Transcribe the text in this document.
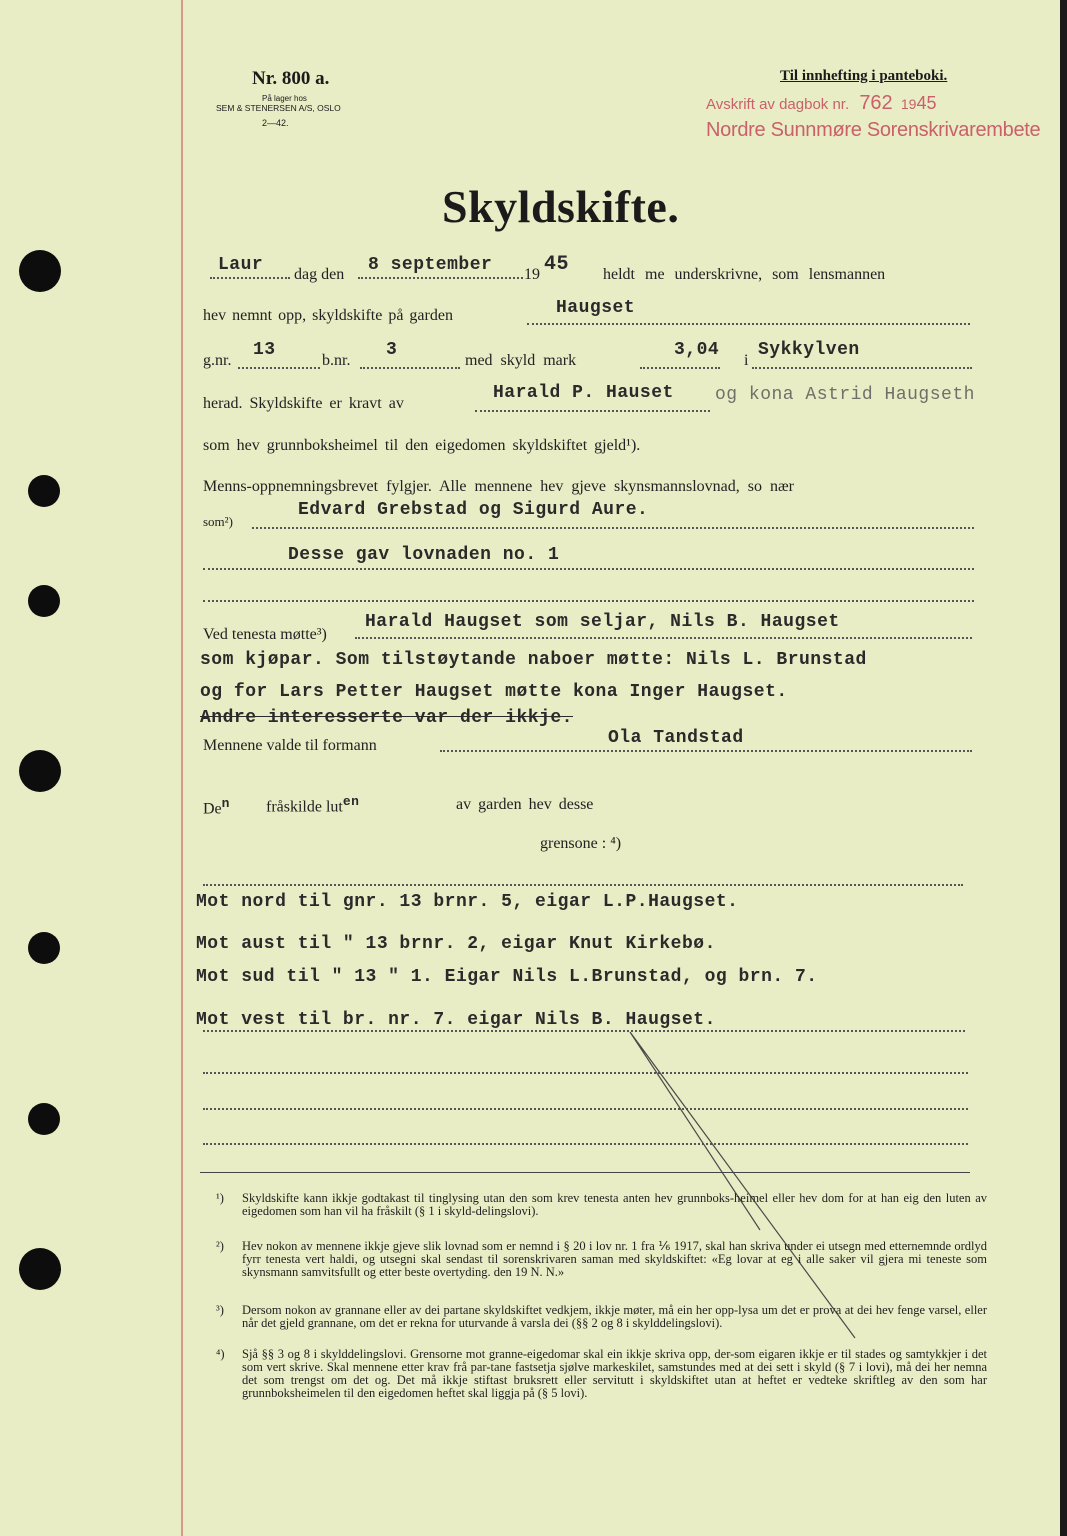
Nr. 800 a.
På lager hos
SEM & STENERSEN A/S, OSLO
2—42.
Til innhefting i panteboki.
Avskrift av dagbok nr. 762 1945
Nordre Sunnmøre Sorenskrivarembete
Skyldskifte.
Laur dag den 8 september 19 45 heldt me underskrivne, som lensmannen
hev nemnt opp, skyldskifte på garden	Haugset
g.nr.
13
b.nr.
3
med skyld mark
3,04
i
Sykkylven
herad. Skyldskifte er kravt av
Harald P. Hauset og kona Astrid Haugseth
som hev grunnboksheimel til den eigedomen skyldskiftet gjeld¹).
Menns-oppnemningsbrevet fylgjer. Alle mennene hev gjeve skynsmannslovnad, so nær
som²)
Edvard Grebstad og Sigurd Aure.
Desse gav lovnaden no. 1
Ved tenesta møtte³)
Harald Haugset som seljar, Nils B. Haugset
som kjøpar. Som tilstøytande naboer møtte: Nils L. Brunstad
og for Lars Petter Haugset møtte kona Inger Haugset.
Andre interesserte var der ikkje.
Mennene valde til formann	Ola Tandstad
De$^n$ fråskilde lut$^{en}$	av garden hev desse
grensone : ⁴)
Mot nord til gnr. 13 brnr. 5, eigar L.P.Haugset.
Mot aust til " 13 brnr. 2, eigar Knut Kirkebø.
Mot sud til " 13 " 1. Eigar Nils L.Brunstad, og brn. 7.
Mot vest til br. nr. 7. eigar Nils B. Haugset.
¹) Skyldskifte kann ikkje godtakast til tinglysing utan den som krev tenesta anten hev grunnboks-heimel eller hev dom for at han eig den luten av eigedomen som han vil ha fråskilt (§ 1 i skyld-delingslovi).
²) Hev nokon av mennene ikkje gjeve slik lovnad som er nemnd i § 20 i lov nr. 1 fra ⅙ 1917, skal han skriva under ei utsegn med etternemnde ordlyd fyrr tenesta vert haldi, og utsegni skal sendast til sorenskrivaren saman med skyldskiftet: «Eg lovar at eg i alle saker vil gjera mi teneste som skynsmann samvitsfullt og etter beste overtyding. den 19 N. N.»
³) Dersom nokon av grannane eller av dei partane skyldskiftet vedkjem, ikkje møter, må ein her opp-lysa um det er prova at dei hev fenge varsel, eller når det gjeld grannane, om det er rekna for uturvande å varsla dei (§§ 2 og 8 i skylddelingslovi).
⁴) Sjå §§ 3 og 8 i skylddelingslovi. Grensorne mot granne-eigedomar skal ein ikkje skriva opp, der-som eigaren ikkje er til stades og samtykkjer i det som vert skrive. Skal mennene etter krav frå par-tane fastsetja sjølve markeskilet, samstundes med at dei sett i skyld (§ 7 i lovi), må dei her nemna det som trengst om det og. Det må ikkje stiftast bruksrett eller servitutt i skyldskiftet utan at heftet er vedteke skriftleg av den som har grunnboksheimelen til den eigedomen heftet skal liggja på (§ 5 lovi).
